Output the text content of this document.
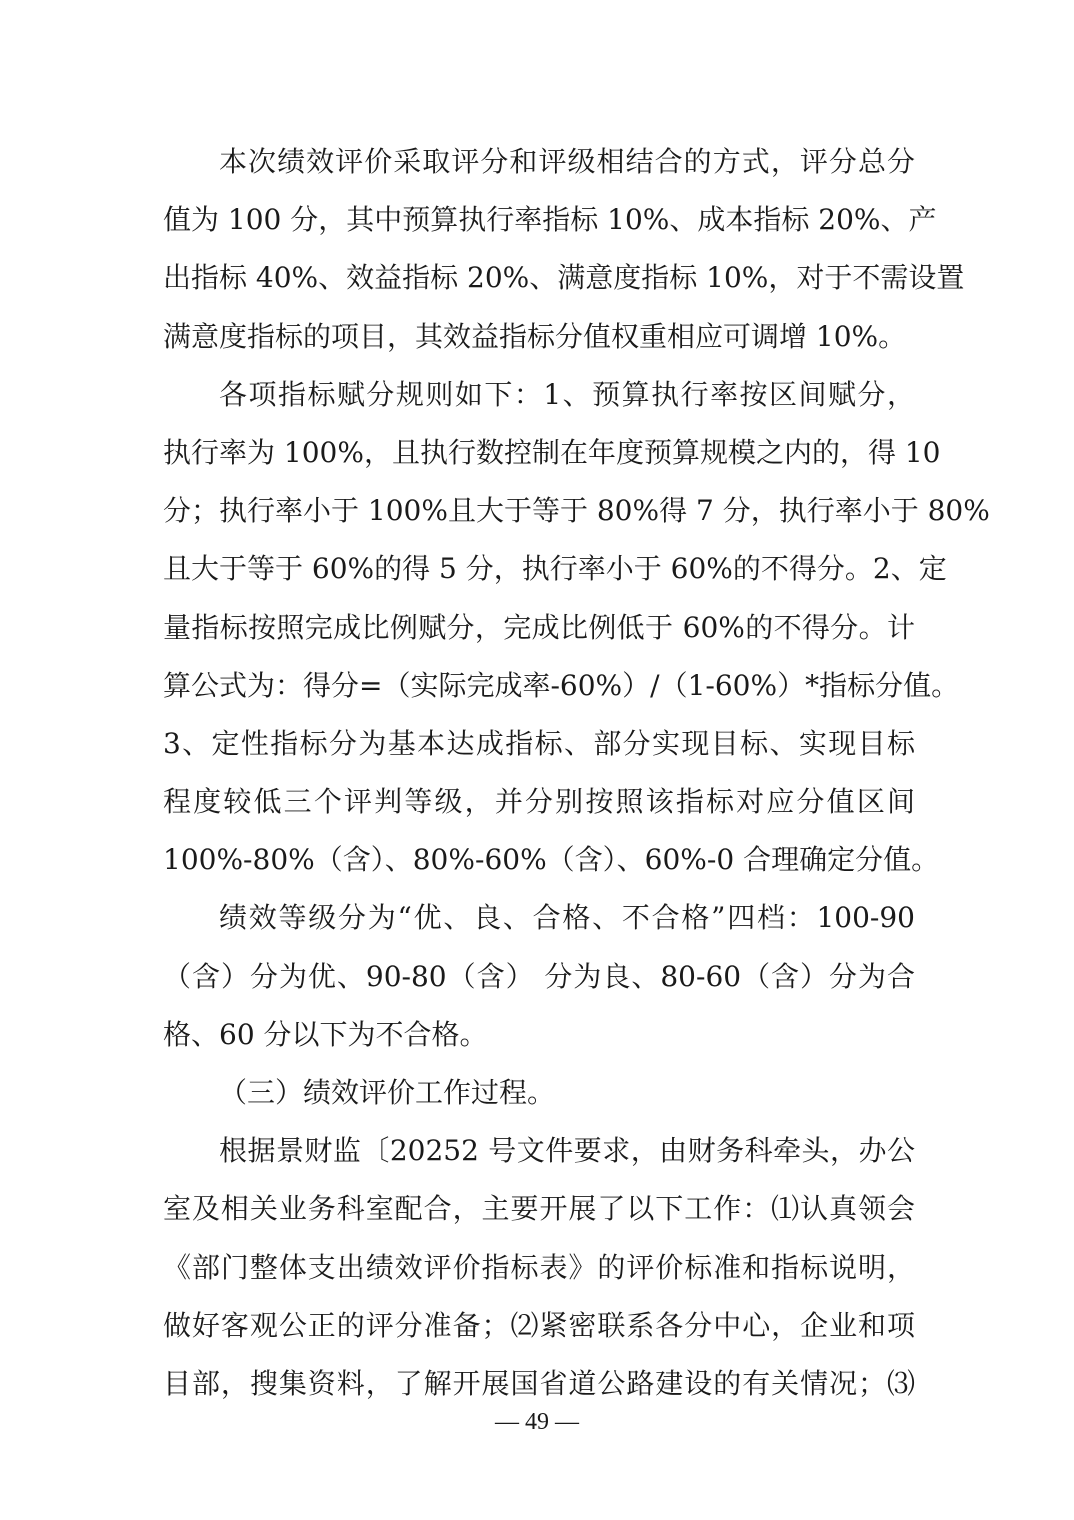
本次绩效评价采取评分和评级相结合的方式，评分总分
值为 100 分，其中预算执行率指标 10%、成本指标 20%、产
出指标 40%、效益指标 20%、满意度指标 10%，对于不需设置
满意度指标的项目，其效益指标分值权重相应可调增 10%。
各项指标赋分规则如下：1、预算执行率按区间赋分，
执行率为 100%，且执行数控制在年度预算规模之内的，得 10
分；执行率小于 100%且大于等于 80%得 7 分，执行率小于 80%
且大于等于 60%的得 5 分，执行率小于 60%的不得分。2、定
量指标按照完成比例赋分，完成比例低于 60%的不得分。计
算公式为：得分=（实际完成率-60%）/（1-60%）*指标分值。
3、定性指标分为基本达成指标、部分实现目标、实现目标
程度较低三个评判等级，并分别按照该指标对应分值区间
100%-80%（含）、80%-60%（含）、60%-0 合理确定分值。
绩效等级分为“优、良、合格、不合格”四档：100-90
（含）分为优、90-80（含） 分为良、80-60（含）分为合
格、60 分以下为不合格。
（三）绩效评价工作过程。
根据景财监〔20252 号文件要求，由财务科牵头，办公
室及相关业务科室配合，主要开展了以下工作：⑴认真领会
《部门整体支出绩效评价指标表》的评价标准和指标说明，
做好客观公正的评分准备；⑵紧密联系各分中心，企业和项
目部，搜集资料，了解开展国省道公路建设的有关情况；⑶
— 49 —
